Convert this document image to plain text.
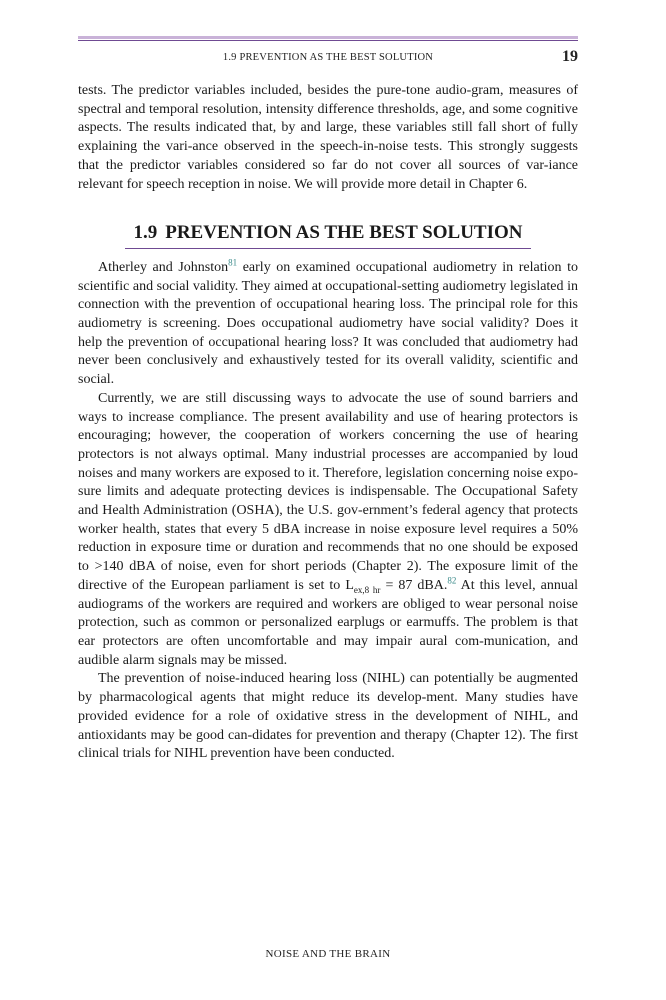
1.9 PREVENTION AS THE BEST SOLUTION	19

tests. The predictor variables included, besides the pure-tone audio-gram, measures of spectral and temporal resolution, intensity difference thresholds, age, and some cognitive aspects. The results indicated that, by and large, these variables still fall short of fully explaining the vari-ance observed in the speech-in-noise tests. This strongly suggests that the predictor variables considered so far do not cover all sources of var-iance relevant for speech reception in noise. We will provide more detail in Chapter 6.

1.9 PREVENTION AS THE BEST SOLUTION

Atherley and Johnston$^{81}$ early on examined occupational audiometry in relation to scientific and social validity. They aimed at occupational-setting audiometry legislated in connection with the prevention of occupational hearing loss. The principal role for this audiometry is screening. Does occupational audiometry have social validity? Does it help the prevention of occupational hearing loss? It was concluded that audiometry had never been conclusively and exhaustively tested for its overall validity, scientific and social.

Currently, we are still discussing ways to advocate the use of sound barriers and ways to increase compliance. The present availability and use of hearing protectors is encouraging; however, the cooperation of workers concerning the use of hearing protectors is not always optimal. Many industrial processes are accompanied by loud noises and many workers are exposed to it. Therefore, legislation concerning noise expo-sure limits and adequate protecting devices is indispensable. The Occupational Safety and Health Administration (OSHA), the U.S. gov-ernment’s federal agency that protects worker health, states that every 5 dBA increase in noise exposure level requires a 50% reduction in exposure time or duration and recommends that no one should be exposed to >140 dBA of noise, even for short periods (Chapter 2). The exposure limit of the directive of the European parliament is set to $L_{ex,8 hr} = 87$ dBA.$^{82}$ At this level, annual audiograms of the workers are required and workers are obliged to wear personal noise protection, such as common or personalized earplugs or earmuffs. The problem is that ear protectors are often uncomfortable and may impair aural com-munication, and audible alarm signals may be missed.

The prevention of noise-induced hearing loss (NIHL) can potentially be augmented by pharmacological agents that might reduce its develop-ment. Many studies have provided evidence for a role of oxidative stress in the development of NIHL, and antioxidants may be good can-didates for prevention and therapy (Chapter 12). The first clinical trials for NIHL prevention have been conducted.

NOISE AND THE BRAIN
